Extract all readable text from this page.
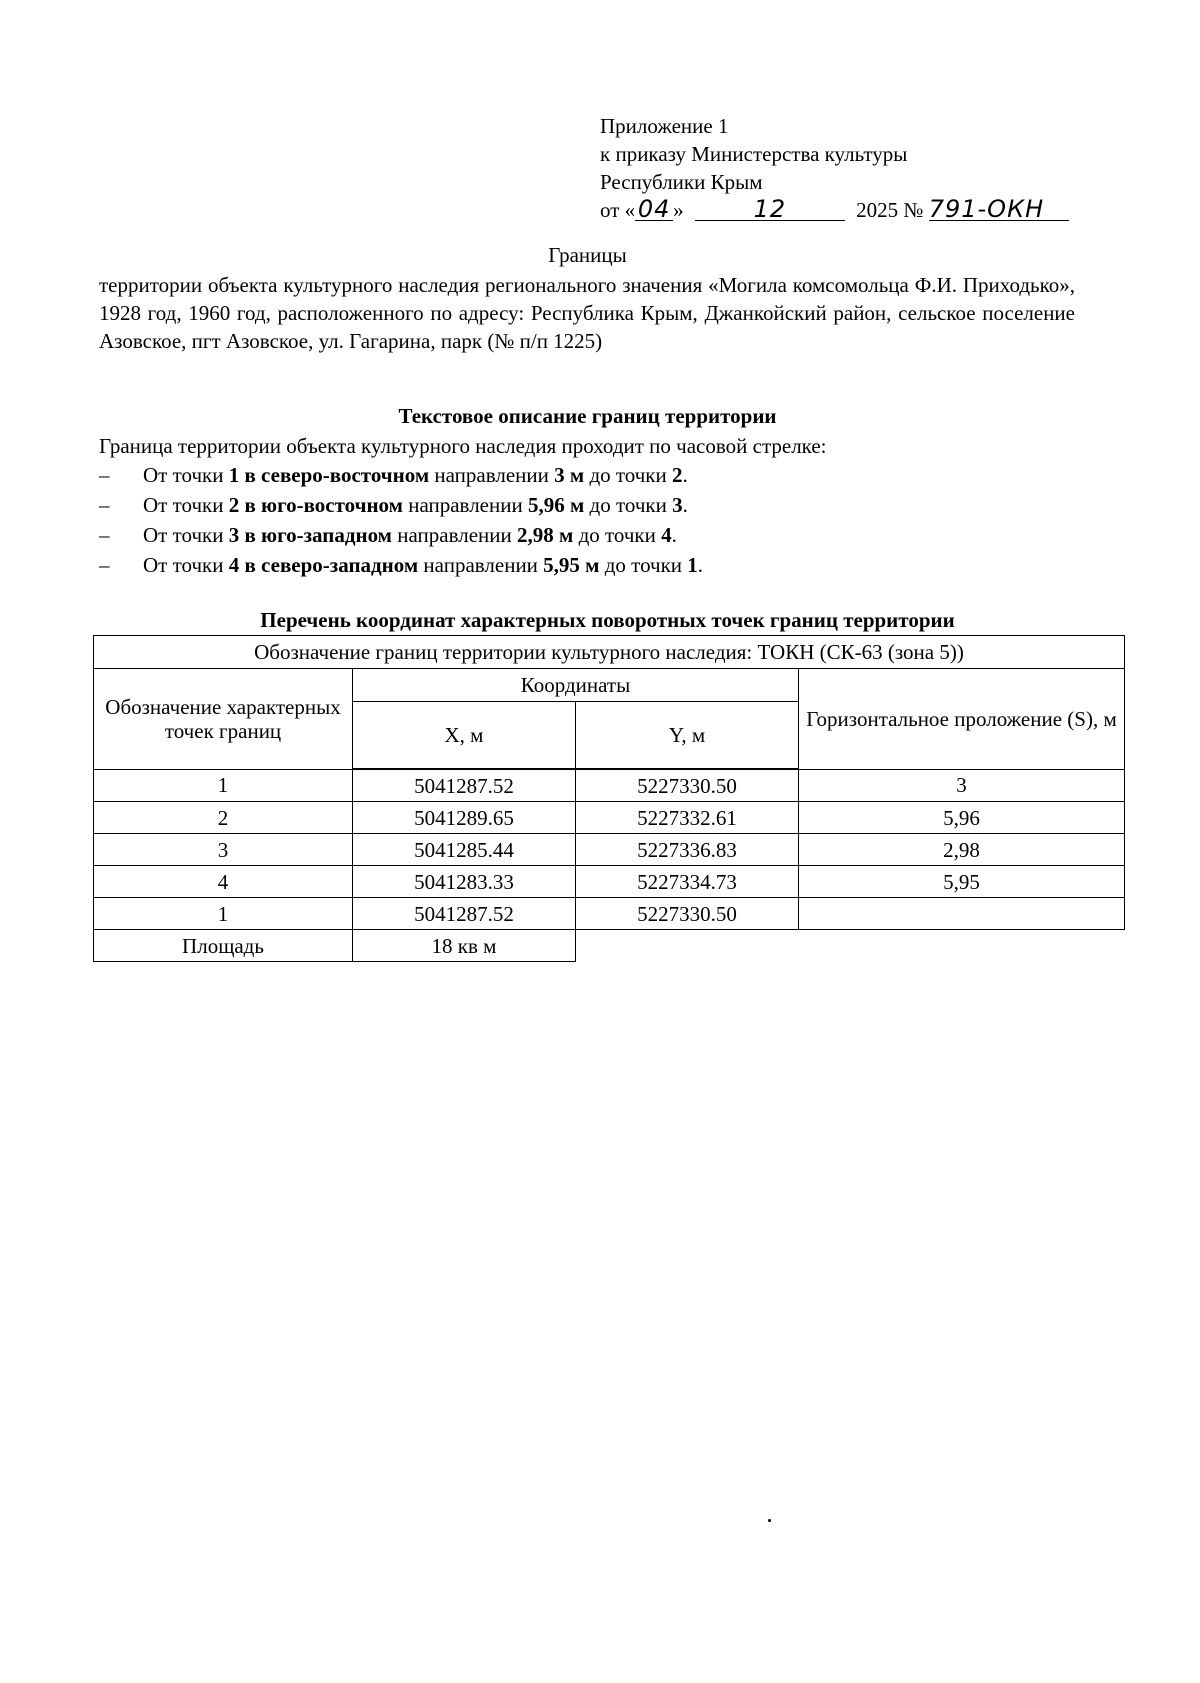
Приложение 1
к приказу Министерства культуры
Республики Крым
от « 04 »	12	2025 № 791-ОКН
Границы
территории объекта культурного наследия регионального значения «Могила комсомольца Ф.И. Приходько», 1928 год, 1960 год, расположенного по адресу: Республика Крым, Джанкойский район, сельское поселение Азовское, пгт Азовское, ул. Гагарина, парк (№ п/п 1225)
Текстовое описание границ территории
Граница территории объекта культурного наследия проходит по часовой стрелке:
– От точки 1 в северо-восточном направлении 3 м до точки 2.
– От точки 2 в юго-восточном направлении 5,96 м до точки 3.
– От точки 3 в юго-западном направлении 2,98 м до точки 4.
– От точки 4 в северо-западном направлении 5,95 м до точки 1.
Перечень координат характерных поворотных точек границ территории
Обозначение границ территории культурного наследия: ТОКН (СК-63 (зона 5))			
Обозначение характерных точек границ	Координаты		Горизонтальное проложение (S), м
	X, м	Y, м	
1	5041287.52	5227330.50	3
2	5041289.65	5227332.61	5,96
3	5041285.44	5227336.83	2,98
4	5041283.33	5227334.73	5,95
1	5041287.52	5227330.50	
Площадь	18 кв м		
